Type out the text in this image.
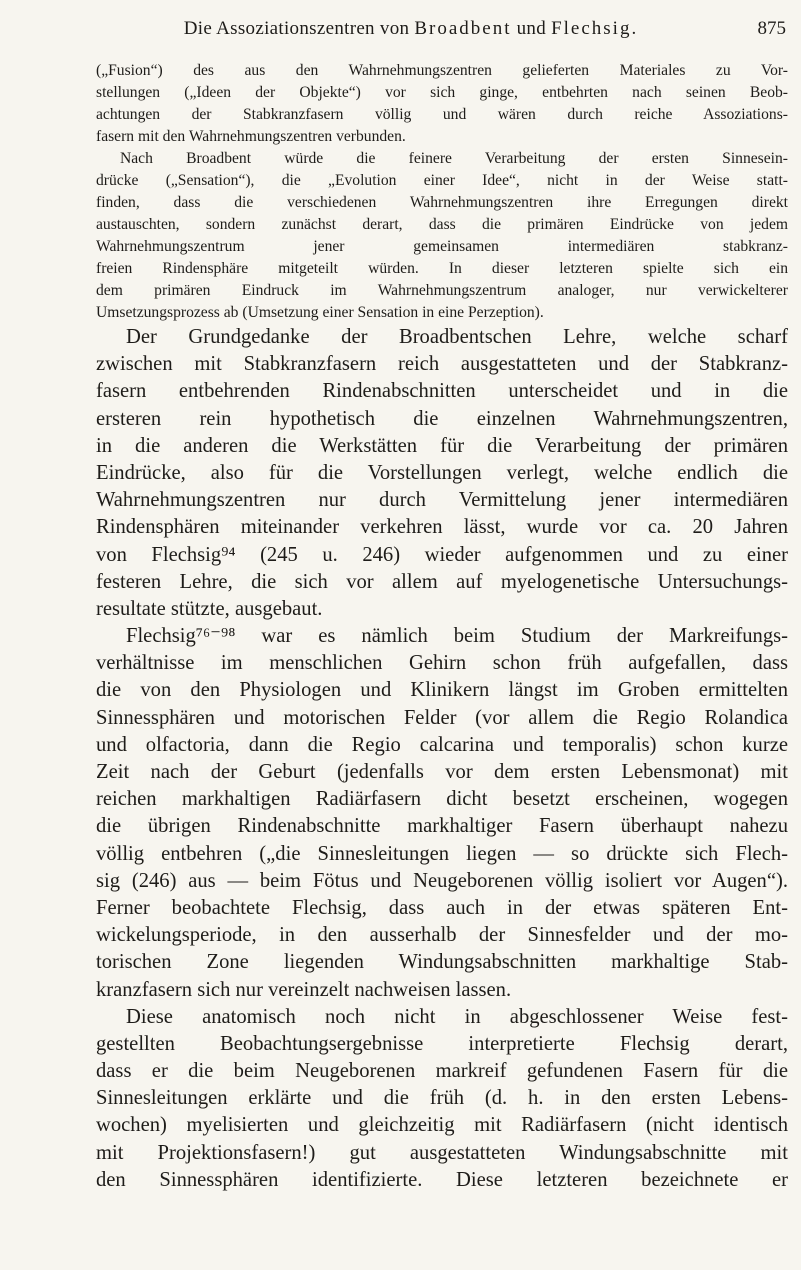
Die Assoziationszentren von Broadbent und Flechsig.	875
(„Fusion“) des aus den Wahrnehmungszentren gelieferten Materiales zu Vor-
stellungen („Ideen der Objekte“) vor sich ginge, entbehrten nach seinen Beob-
achtungen der Stabkranzfasern völlig und wären durch reiche Assoziations-
fasern mit den Wahrnehmungszentren verbunden.
Nach Broadbent würde die feinere Verarbeitung der ersten Sinnesein-
drücke („Sensation“), die „Evolution einer Idee“, nicht in der Weise statt-
finden, dass die verschiedenen Wahrnehmungszentren ihre Erregungen direkt
austauschten, sondern zunächst derart, dass die primären Eindrücke von jedem
Wahrnehmungszentrum jener gemeinsamen intermediären stabkranz-
freien Rindensphäre mitgeteilt würden. In dieser letzteren spielte sich ein
dem primären Eindruck im Wahrnehmungszentrum analoger, nur verwickelterer
Umsetzungsprozess ab (Umsetzung einer Sensation in eine Perzeption).
Der Grundgedanke der Broadbentschen Lehre, welche scharf
zwischen mit Stabkranzfasern reich ausgestatteten und der Stabkranz-
fasern entbehrenden Rindenabschnitten unterscheidet und in die
ersteren rein hypothetisch die einzelnen Wahrnehmungszentren,
in die anderen die Werkstätten für die Verarbeitung der primären
Eindrücke, also für die Vorstellungen verlegt, welche endlich die
Wahrnehmungszentren nur durch Vermittelung jener intermediären
Rindensphären miteinander verkehren lässt, wurde vor ca. 20 Jahren
von Flechsig⁹⁴ (245 u. 246) wieder aufgenommen und zu einer
festeren Lehre, die sich vor allem auf myelogenetische Untersuchungs-
resultate stützte, ausgebaut.
Flechsig⁷⁶⁻⁹⁸ war es nämlich beim Studium der Markreifungs-
verhältnisse im menschlichen Gehirn schon früh aufgefallen, dass
die von den Physiologen und Klinikern längst im Groben ermittelten
Sinnessphären und motorischen Felder (vor allem die Regio Rolandica
und olfactoria, dann die Regio calcarina und temporalis) schon kurze
Zeit nach der Geburt (jedenfalls vor dem ersten Lebensmonat) mit
reichen markhaltigen Radiärfasern dicht besetzt erscheinen, wogegen
die übrigen Rindenabschnitte markhaltiger Fasern überhaupt nahezu
völlig entbehren („die Sinnesleitungen liegen — so drückte sich Flech-
sig (246) aus — beim Fötus und Neugeborenen völlig isoliert vor Augen“).
Ferner beobachtete Flechsig, dass auch in der etwas späteren Ent-
wickelungsperiode, in den ausserhalb der Sinnesfelder und der mo-
torischen Zone liegenden Windungsabschnitten markhaltige Stab-
kranzfasern sich nur vereinzelt nachweisen lassen.
Diese anatomisch noch nicht in abgeschlossener Weise fest-
gestellten Beobachtungsergebnisse interpretierte Flechsig derart,
dass er die beim Neugeborenen markreif gefundenen Fasern für die
Sinnesleitungen erklärte und die früh (d. h. in den ersten Lebens-
wochen) myelisierten und gleichzeitig mit Radiärfasern (nicht identisch
mit Projektionsfasern!) gut ausgestatteten Windungsabschnitte mit
den Sinnessphären identifizierte. Diese letzteren bezeichnete er
